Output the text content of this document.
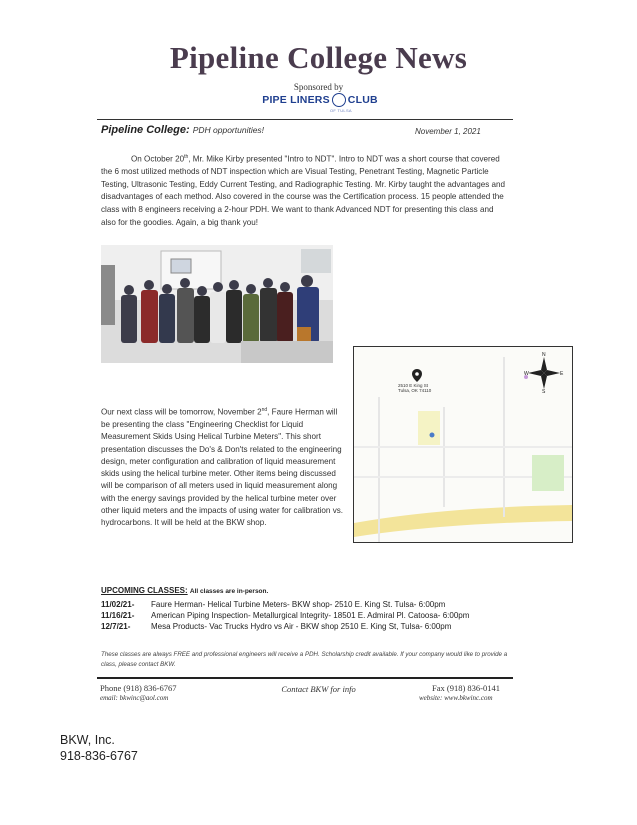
Pipeline College News
Sponsored by
PIPE LINERS CLUB
OF TULSA
Pipeline College: PDH opportunities!	November 1, 2021
On October 20th, Mr. Mike Kirby presented "Intro to NDT". Intro to NDT was a short course that covered the 6 most utilized methods of NDT inspection which are Visual Testing, Penetrant Testing, Magnetic Particle Testing, Ultrasonic Testing, Eddy Current Testing, and Radiographic Testing. Mr. Kirby taught the advantages and disadvantages of each method. Also covered in the course was the Certification process. 15 people attended the class with 8 engineers receiving a 2-hour PDH. We want to thank Advanced NDT for presenting this class and also for the goodies. Again, a big thank you!
2510 E King St
Tulsa, OK 74110
N
S
W	E
Our next class will be tomorrow, November 2nd, Faure Herman will be presenting the class "Engineering Checklist for Liquid Measurement Skids Using Helical Turbine Meters". This short presentation discusses the Do's & Don'ts related to the engineering design, meter configuration and calibration of liquid measurement skids using the helical turbine meter. Other items being discussed will be comparison of all meters used in liquid measurement along with the energy savings provided by the helical turbine meter over other liquid meters and the impacts of using water for calibration vs. hydrocarbons. It will be held at the BKW shop.
UPCOMING CLASSES: All classes are in-person.
11/02/21- Faure Herman- Helical Turbine Meters- BKW shop- 2510 E. King St. Tulsa- 6:00pm
11/16/21- American Piping Inspection- Metallurgical Integrity- 18501 E. Admiral Pl. Catoosa- 6:00pm
12/7/21-	Mesa Products- Vac Trucks Hydro vs Air - BKW shop 2510 E. King St, Tulsa- 6:00pm
These classes are always FREE and professional engineers will receive a PDH. Scholarship credit available. If your company would like to provide a class, please contact BKW.
Phone (918) 836-6767
email: bkwinc@aol.com
Contact BKW for info	Fax (918) 836-0141
website: www.bkwinc.com
BKW, Inc.
918-836-6767
